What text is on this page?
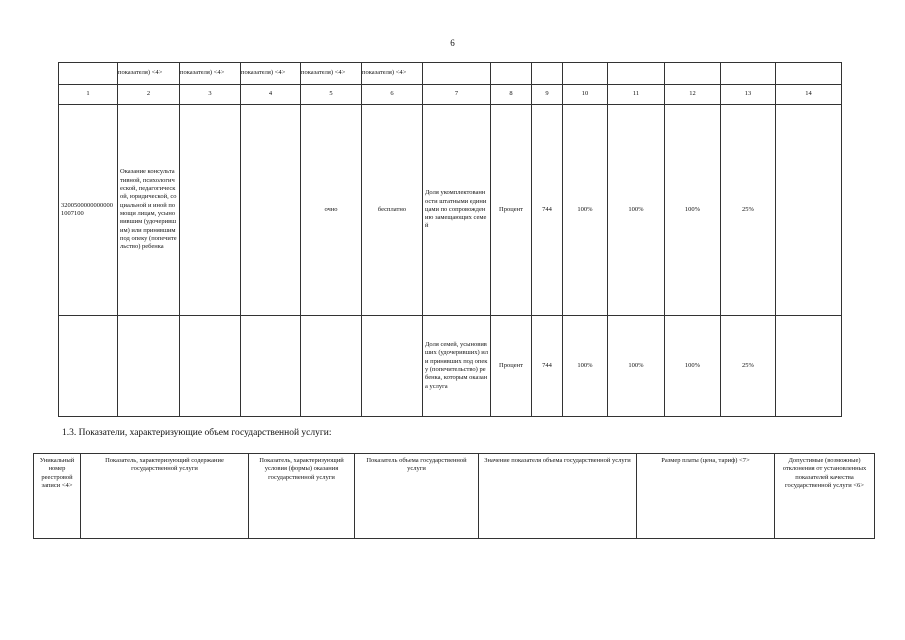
6
	показателя) <4>	показателя) <4>	показателя) <4>	показателя) <4>	показателя) <4>								
1	2	3	4	5	6	7	8	9	10	11	12	13	14
32005000000000001007100	Оказание консультативной, психологической, педагогической, юридической, социальной и иной помощи лицам, усыновившим (удочерившим) или принявшим под опеку (попечительство) ребенка			очно	бесплатно	Доля укомплектованности штатными единицами по сопровождению замещающих семей	Процент	744	100%	100%	100%	25%	
						Доля семей, усыновивших (удочеривших) или принявших под опеку (попечительство) ребенка, которым оказана услуга	Процент	744	100%	100%	100%	25%	
1.3. Показатели, характеризующие объем государственной услуги:
Уникальный номер реестровой записи <4>	Показатель, характеризующий содержание государственной услуги	Показатель, характеризующий условия (формы) оказания государственной услуги	Показатель объема государственной услуги	Значение показателя объема государственной услуги	Размер платы (цена, тариф) <7>	Допустимые (возможные) отклонения от установленных показателей качества государственной услуги <6>
